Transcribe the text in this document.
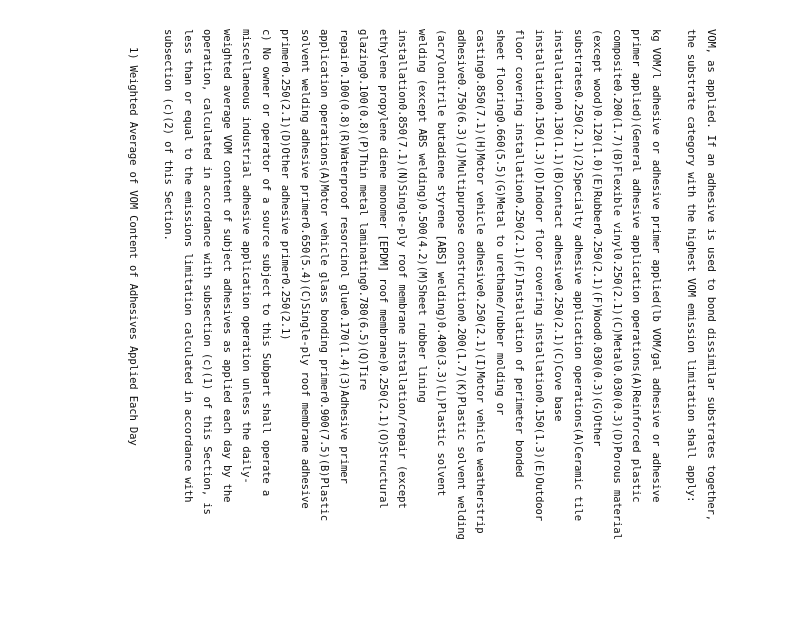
VOM, as applied. If an adhesive is used to bond dissimilar substrates together,
the substrate category with the highest VOM emission limitation shall apply:
kg VOM/l adhesive or adhesive primer applied(lb VOM/gal adhesive or adhesive
primer applied)(General adhesive application operations(A)Reinforced plastic
composite0.200(1.7)(B)Flexible vinyl0.250(2.1)(C)Metal0.030(0.3)(D)Porous material
(except wood)0.120(1.0)(E)Rubber0.250(2.1)(F)Wood0.030(0.3)(G)Other
substrates0.250(2.1)(2)Specialty adhesive application operations(A)Ceramic tile
installation0.130(1.1)(B)Contact adhesive0.250(2.1)(C)Cove base
installation0.150(1.3)(D)Indoor floor covering installation0.150(1.3)(E)Outdoor
floor covering installation0.250(2.1)(F)Installation of perimeter bonded
sheet flooring0.660(5.5)(G)Metal to urethane/rubber molding or
casting0.850(7.1)(H)Motor vehicle adhesive0.250(2.1)(I)Motor vehicle weatherstrip
adhesive0.750(6.3)(J)Multipurpose construction0.200(1.7)(K)Plastic solvent welding
(acrylonitrile butadiene styrene [ABS] welding)0.400(3.3)(L)Plastic solvent
welding (except ABS welding)0.500(4.2)(M)Sheet rubber lining
installation0.850(7.1)(N)Single-ply roof membrane installation/repair (except
ethylene propylene diene monomer [EPDM] roof membrane)0.250(2.1)(O)Structural
glazing0.100(0.8)(P)Thin metal laminating0.780(6.5)(Q)Tire
repair0.100(0.8)(R)Waterproof resorcinol glue0.170(1.4)(3)Adhesive primer
application operations(A)Motor vehicle glass bonding primer0.900(7.5)(B)Plastic
solvent welding adhesive primer0.650(5.4)(C)Single-ply roof membrane adhesive
primer0.250(2.1)(D)Other adhesive primer0.250(2.1)
c) No owner or operator of a source subject to this Subpart shall operate a
miscellaneous industrial adhesive application operation unless the daily-
weighted average VOM content of subject adhesives as applied each day by the
operation, calculated in accordance with subsection (c)(1) of this Section, is
less than or equal to the emissions limitation calculated in accordance with
subsection (c)(2) of this Section.
1) Weighted Average of VOM Content of Adhesives Applied Each Day
